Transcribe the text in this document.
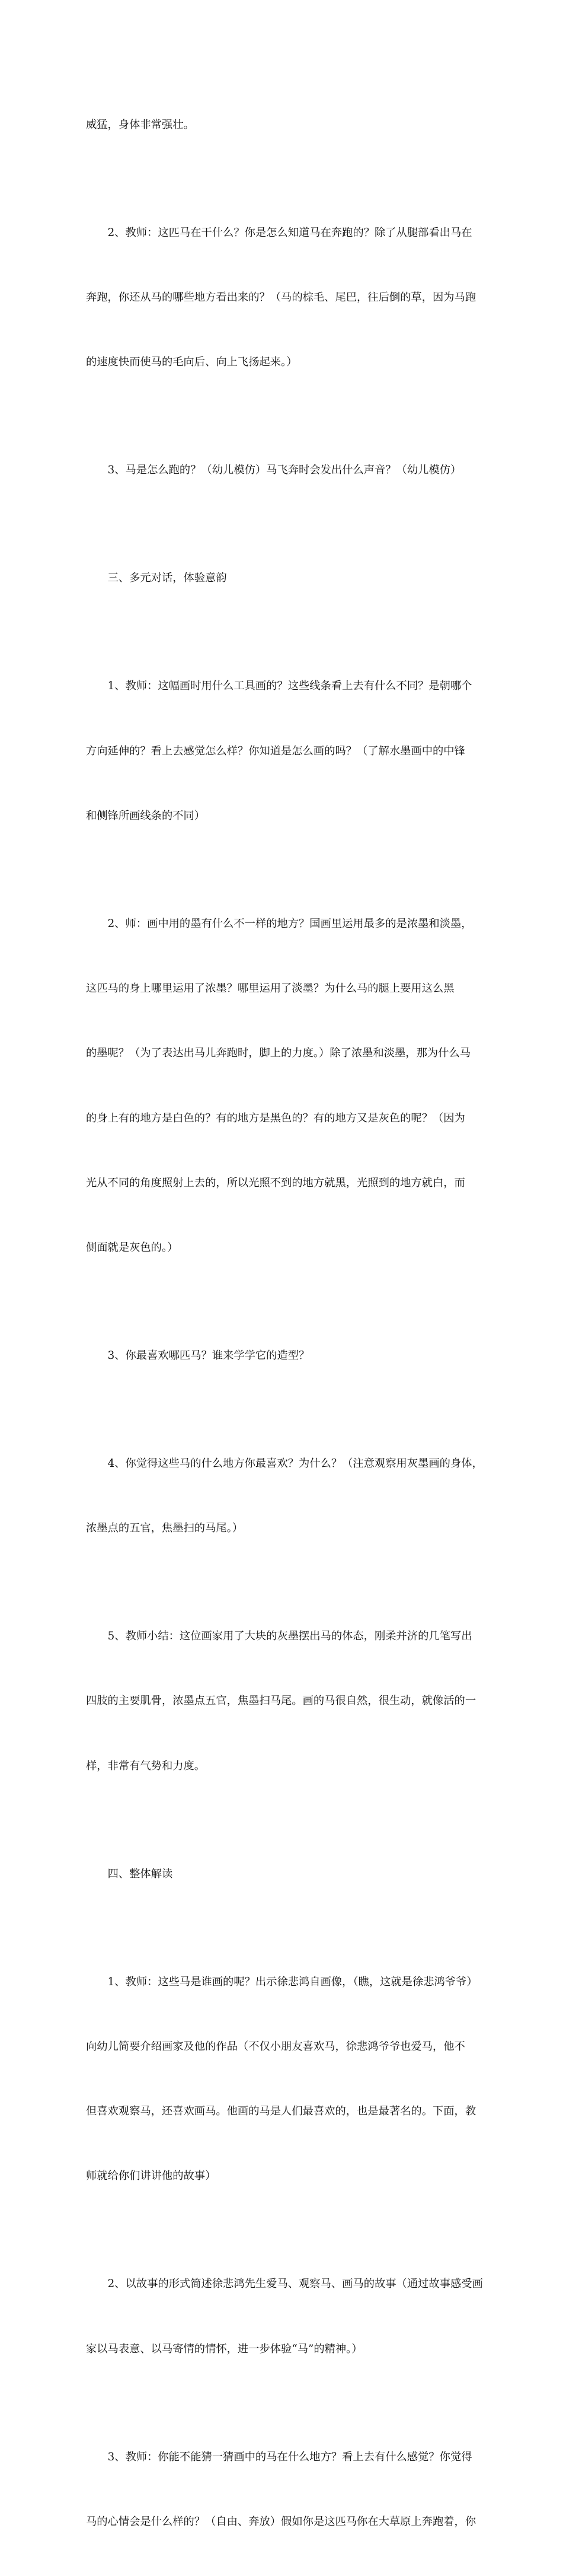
威猛，身体非常强壮。

2、教师：这匹马在干什么？你是怎么知道马在奔跑的？除了从腿部看出马在

奔跑，你还从马的哪些地方看出来的？（马的棕毛、尾巴，往后倒的草，因为马跑

的速度快而使马的毛向后、向上飞扬起来。）

3、马是怎么跑的？（幼儿模仿）马飞奔时会发出什么声音？（幼儿模仿）

三、多元对话，体验意韵

1、教师：这幅画时用什么工具画的？这些线条看上去有什么不同？是朝哪个

方向延伸的？看上去感觉怎么样？你知道是怎么画的吗？（了解水墨画中的中锋

和侧锋所画线条的不同）

2、师：画中用的墨有什么不一样的地方？国画里运用最多的是浓墨和淡墨，

这匹马的身上哪里运用了浓墨？哪里运用了淡墨？为什么马的腿上要用这么黑

的墨呢？（为了表达出马儿奔跑时，脚上的力度。）除了浓墨和淡墨，那为什么马

的身上有的地方是白色的？有的地方是黑色的？有的地方又是灰色的呢？（因为

光从不同的角度照射上去的，所以光照不到的地方就黑，光照到的地方就白，而

侧面就是灰色的。）

3、你最喜欢哪匹马？谁来学学它的造型？

4、你觉得这些马的什么地方你最喜欢？为什么？（注意观察用灰墨画的身体，

浓墨点的五官，焦墨扫的马尾。）

5、教师小结：这位画家用了大块的灰墨摆出马的体态，刚柔并济的几笔写出

四肢的主要肌骨，浓墨点五官，焦墨扫马尾。画的马很自然，很生动，就像活的一

样，非常有气势和力度。

四、整体解读

1、教师：这些马是谁画的呢？出示徐悲鸿自画像，（瞧，这就是徐悲鸿爷爷）

向幼儿简要介绍画家及他的作品（不仅小朋友喜欢马，徐悲鸿爷爷也爱马，他不

但喜欢观察马，还喜欢画马。他画的马是人们最喜欢的，也是最著名的。下面，教

师就给你们讲讲他的故事）

2、以故事的形式简述徐悲鸿先生爱马、观察马、画马的故事（通过故事感受画

家以马表意、以马寄情的情怀，进一步体验“马”的精神。）

3、教师：你能不能猜一猜画中的马在什么地方？看上去有什么感觉？你觉得

马的心情会是什么样的？（自由、奔放）假如你是这匹马你在大草原上奔跑着，你
